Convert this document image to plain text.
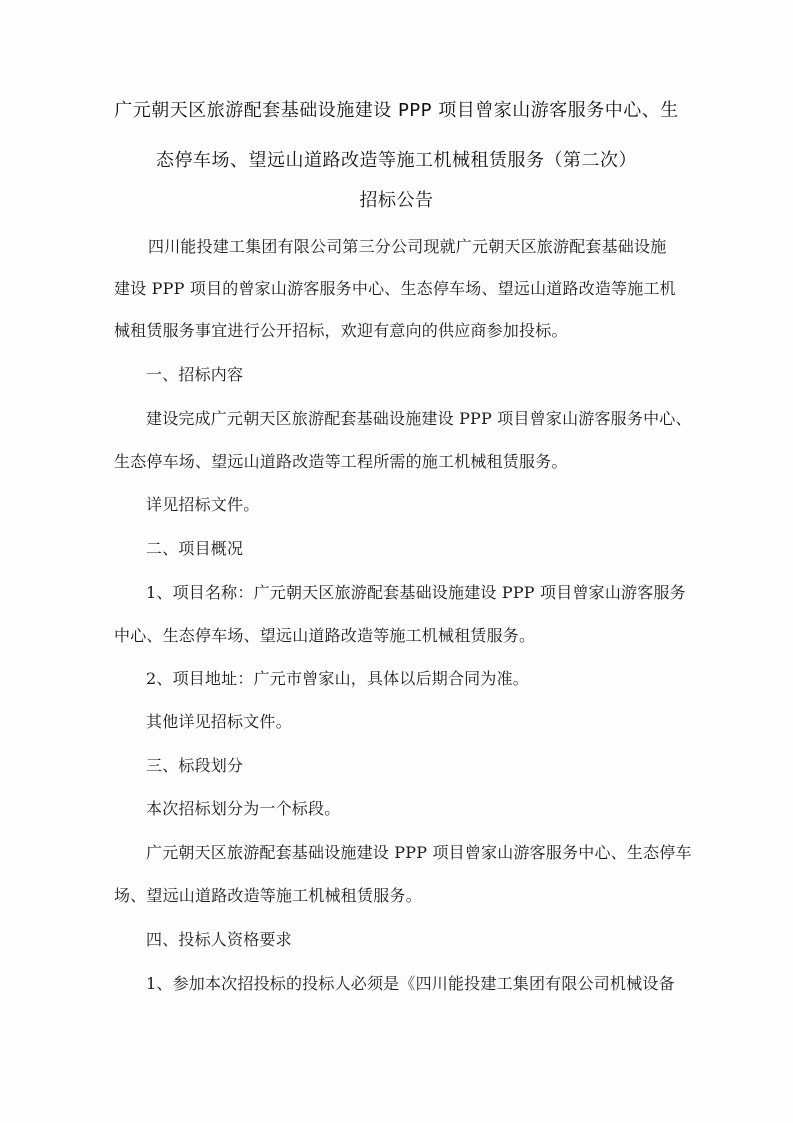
广元朝天区旅游配套基础设施建设 PPP 项目曾家山游客服务中心、生
态停车场、望远山道路改造等施工机械租赁服务（第二次）
招标公告
四川能投建工集团有限公司第三分公司现就广元朝天区旅游配套基础设施
建设 PPP 项目的曾家山游客服务中心、生态停车场、望远山道路改造等施工机
械租赁服务事宜进行公开招标，欢迎有意向的供应商参加投标。
一、招标内容
建设完成广元朝天区旅游配套基础设施建设 PPP 项目曾家山游客服务中心、
生态停车场、望远山道路改造等工程所需的施工机械租赁服务。
详见招标文件。
二、项目概况
1、项目名称：广元朝天区旅游配套基础设施建设 PPP 项目曾家山游客服务
中心、生态停车场、望远山道路改造等施工机械租赁服务。
2、项目地址：广元市曾家山，具体以后期合同为准。
其他详见招标文件。
三、标段划分
本次招标划分为一个标段。
广元朝天区旅游配套基础设施建设 PPP 项目曾家山游客服务中心、生态停车
场、望远山道路改造等施工机械租赁服务。
四、投标人资格要求
1、参加本次招投标的投标人必须是《四川能投建工集团有限公司机械设备
